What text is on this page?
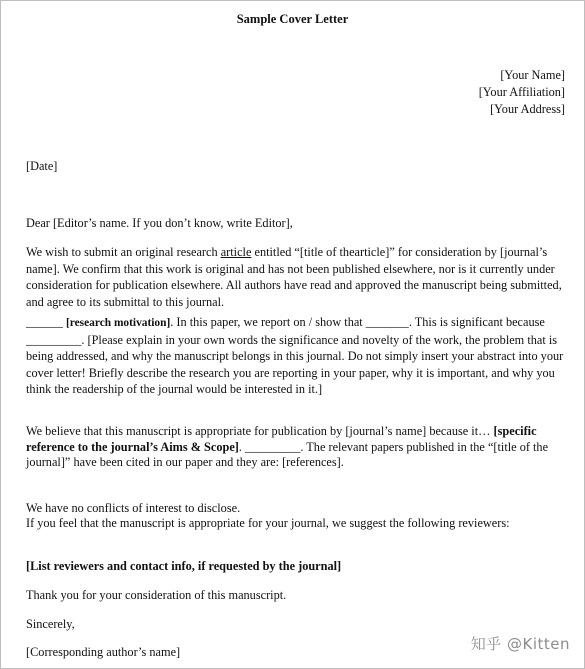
Sample Cover Letter
[Your Name]
[Your Affiliation]
[Your Address]
[Date]
Dear [Editor’s name. If you don’t know, write Editor],
We wish to submit an original research article entitled “[title of thearticle]” for consideration by [journal’s name]. We confirm that this work is original and has not been published elsewhere, nor is it currently under consideration for publication elsewhere. All authors have read and approved the manuscript being submitted, and agree to its submittal to this journal.
______ [research motivation]. In this paper, we report on / show that _______. This is significant because _________. [Please explain in your own words the significance and novelty of the work, the problem that is being addressed, and why the manuscript belongs in this journal. Do not simply insert your abstract into your cover letter! Briefly describe the research you are reporting in your paper, why it is important, and why you think the readership of the journal would be interested in it.]
We believe that this manuscript is appropriate for publication by [journal’s name] because it… [specific reference to the journal’s Aims & Scope]. _________. The relevant papers published in the “[title of the journal]” have been cited in our paper and they are: [references].
We have no conflicts of interest to disclose.
If you feel that the manuscript is appropriate for your journal, we suggest the following reviewers:
[List reviewers and contact info, if requested by the journal]
Thank you for your consideration of this manuscript.
Sincerely,
[Corresponding author’s name]	知乎 @Kitten
